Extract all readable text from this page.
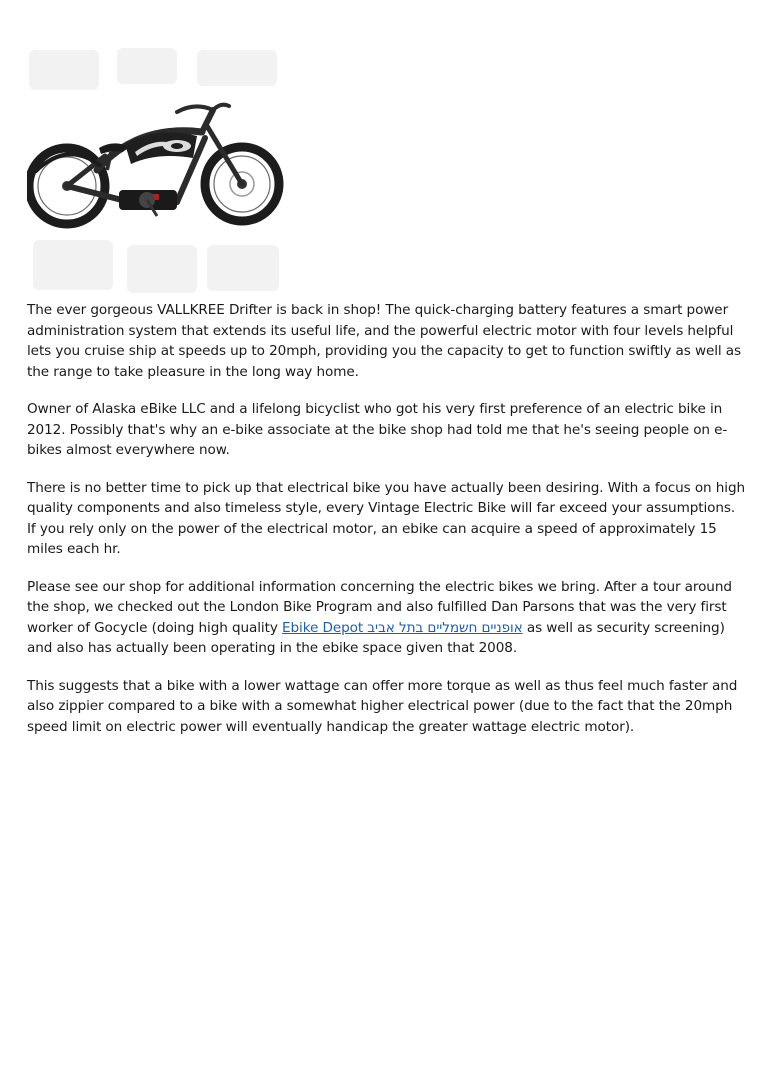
The ever gorgeous VALLKREE Drifter is back in shop! The quick-charging battery features a smart power administration system that extends its useful life, and the powerful electric motor with four levels helpful lets you cruise ship at speeds up to 20mph, providing you the capacity to get to function swiftly as well as the range to take pleasure in the long way home.

Owner of Alaska eBike LLC and a lifelong bicyclist who got his very first preference of an electric bike in 2012. Possibly that's why an e-bike associate at the bike shop had told me that he's seeing people on e-bikes almost everywhere now.

There is no better time to pick up that electrical bike you have actually been desiring. With a focus on high quality components and also timeless style, every Vintage Electric Bike will far exceed your assumptions. If you rely only on the power of the electrical motor, an ebike can acquire a speed of approximately 15 miles each hr.

Please see our shop for additional information concerning the electric bikes we bring. After a tour around the shop, we checked out the London Bike Program and also fulfilled Dan Parsons that was the very first worker of Gocycle (doing high quality Ebike Depot אופניים חשמליים בתל אביב as well as security screening) and also has actually been operating in the ebike space given that 2008.

This suggests that a bike with a lower wattage can offer more torque as well as thus feel much faster and also zippier compared to a bike with a somewhat higher electrical power (due to the fact that the 20mph speed limit on electric power will eventually handicap the greater wattage electric motor).
